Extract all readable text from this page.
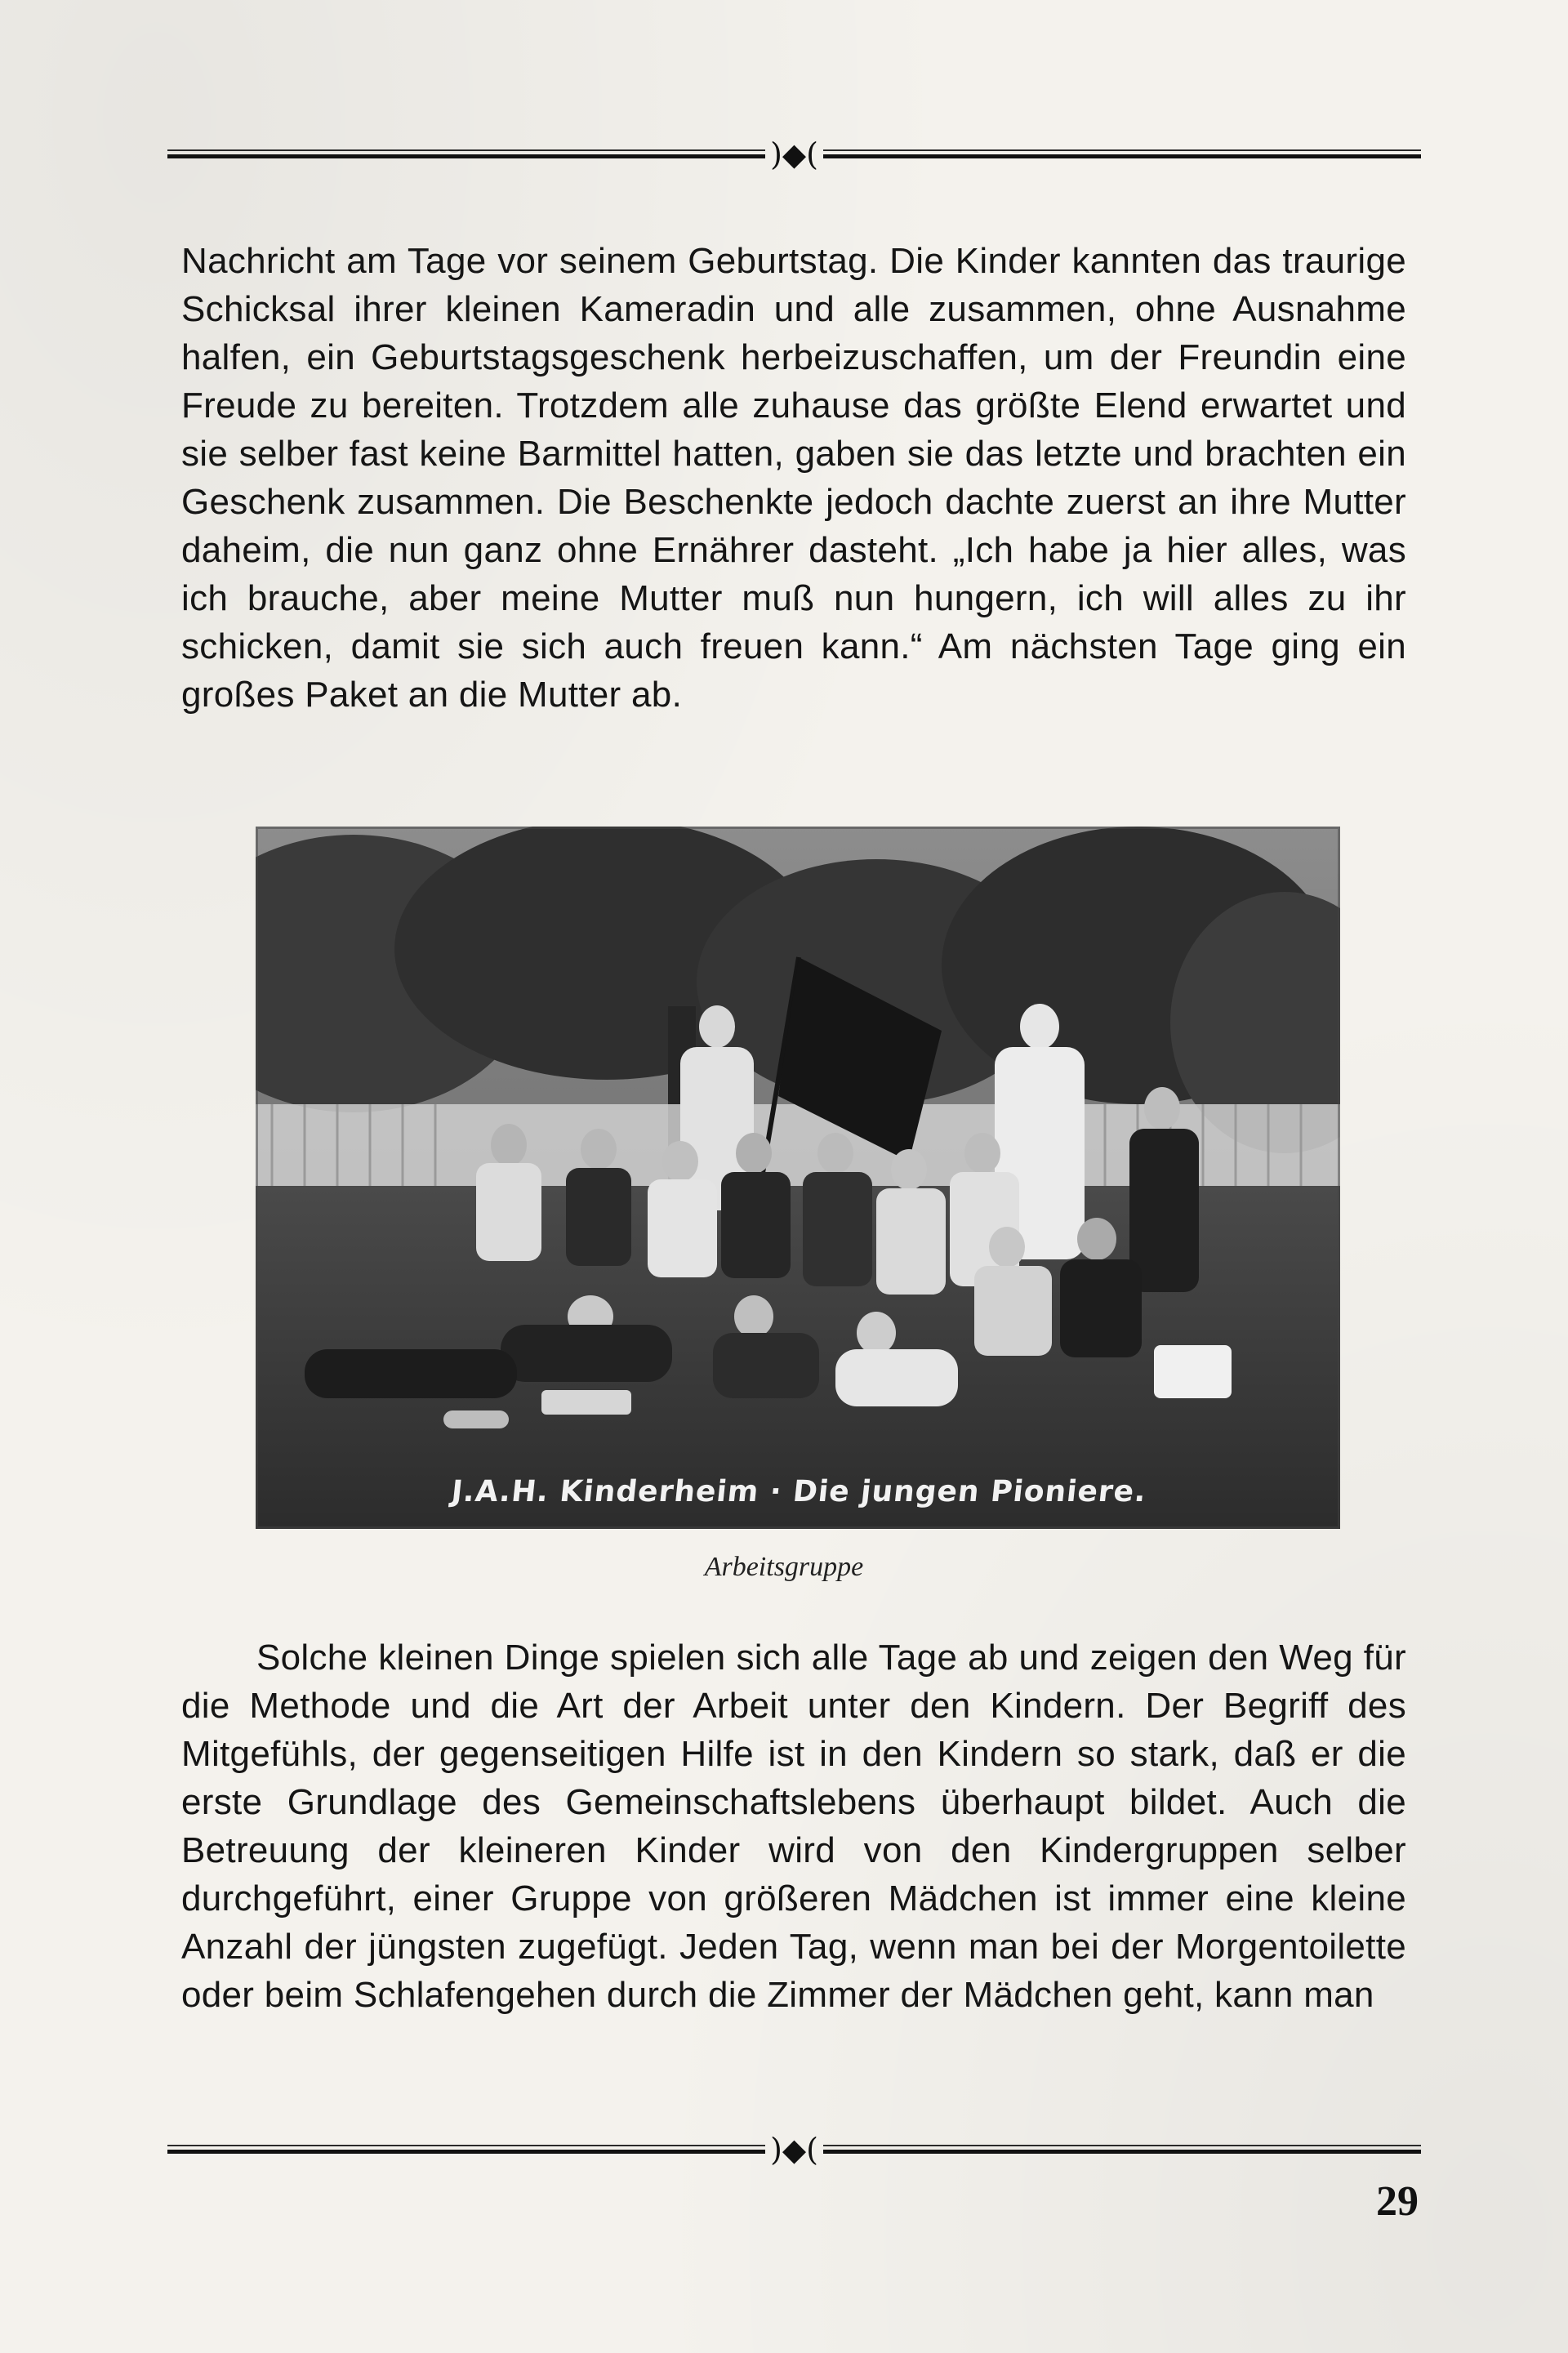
)◆(

Nachricht am Tage vor seinem Geburtstag. Die Kinder kannten das traurige Schicksal ihrer kleinen Kameradin und alle zusammen, ohne Ausnahme halfen, ein Geburtstagsgeschenk herbeizuschaffen, um der Freundin eine Freude zu bereiten. Trotzdem alle zuhause das größte Elend erwartet und sie selber fast keine Barmittel hatten, gaben sie das letzte und brachten ein Geschenk zusammen. Die Beschenkte jedoch dachte zuerst an ihre Mutter daheim, die nun ganz ohne Ernährer dasteht. „Ich habe ja hier alles, was ich brauche, aber meine Mutter muß nun hungern, ich will alles zu ihr schicken, damit sie sich auch freuen kann.“ Am nächsten Tage ging ein großes Paket an die Mutter ab.

J.A.H. Kinderheim · Die jungen Pioniere.
Arbeitsgruppe

Solche kleinen Dinge spielen sich alle Tage ab und zeigen den Weg für die Methode und die Art der Arbeit unter den Kindern. Der Begriff des Mitgefühls, der gegenseitigen Hilfe ist in den Kindern so stark, daß er die erste Grundlage des Gemeinschaftslebens überhaupt bildet. Auch die Betreuung der kleineren Kinder wird von den Kindergruppen selber durchgeführt, einer Gruppe von größeren Mädchen ist immer eine kleine Anzahl der jüngsten zugefügt. Jeden Tag, wenn man bei der Morgentoilette oder beim Schlafengehen durch die Zimmer der Mädchen geht, kann man

)◆(
29
